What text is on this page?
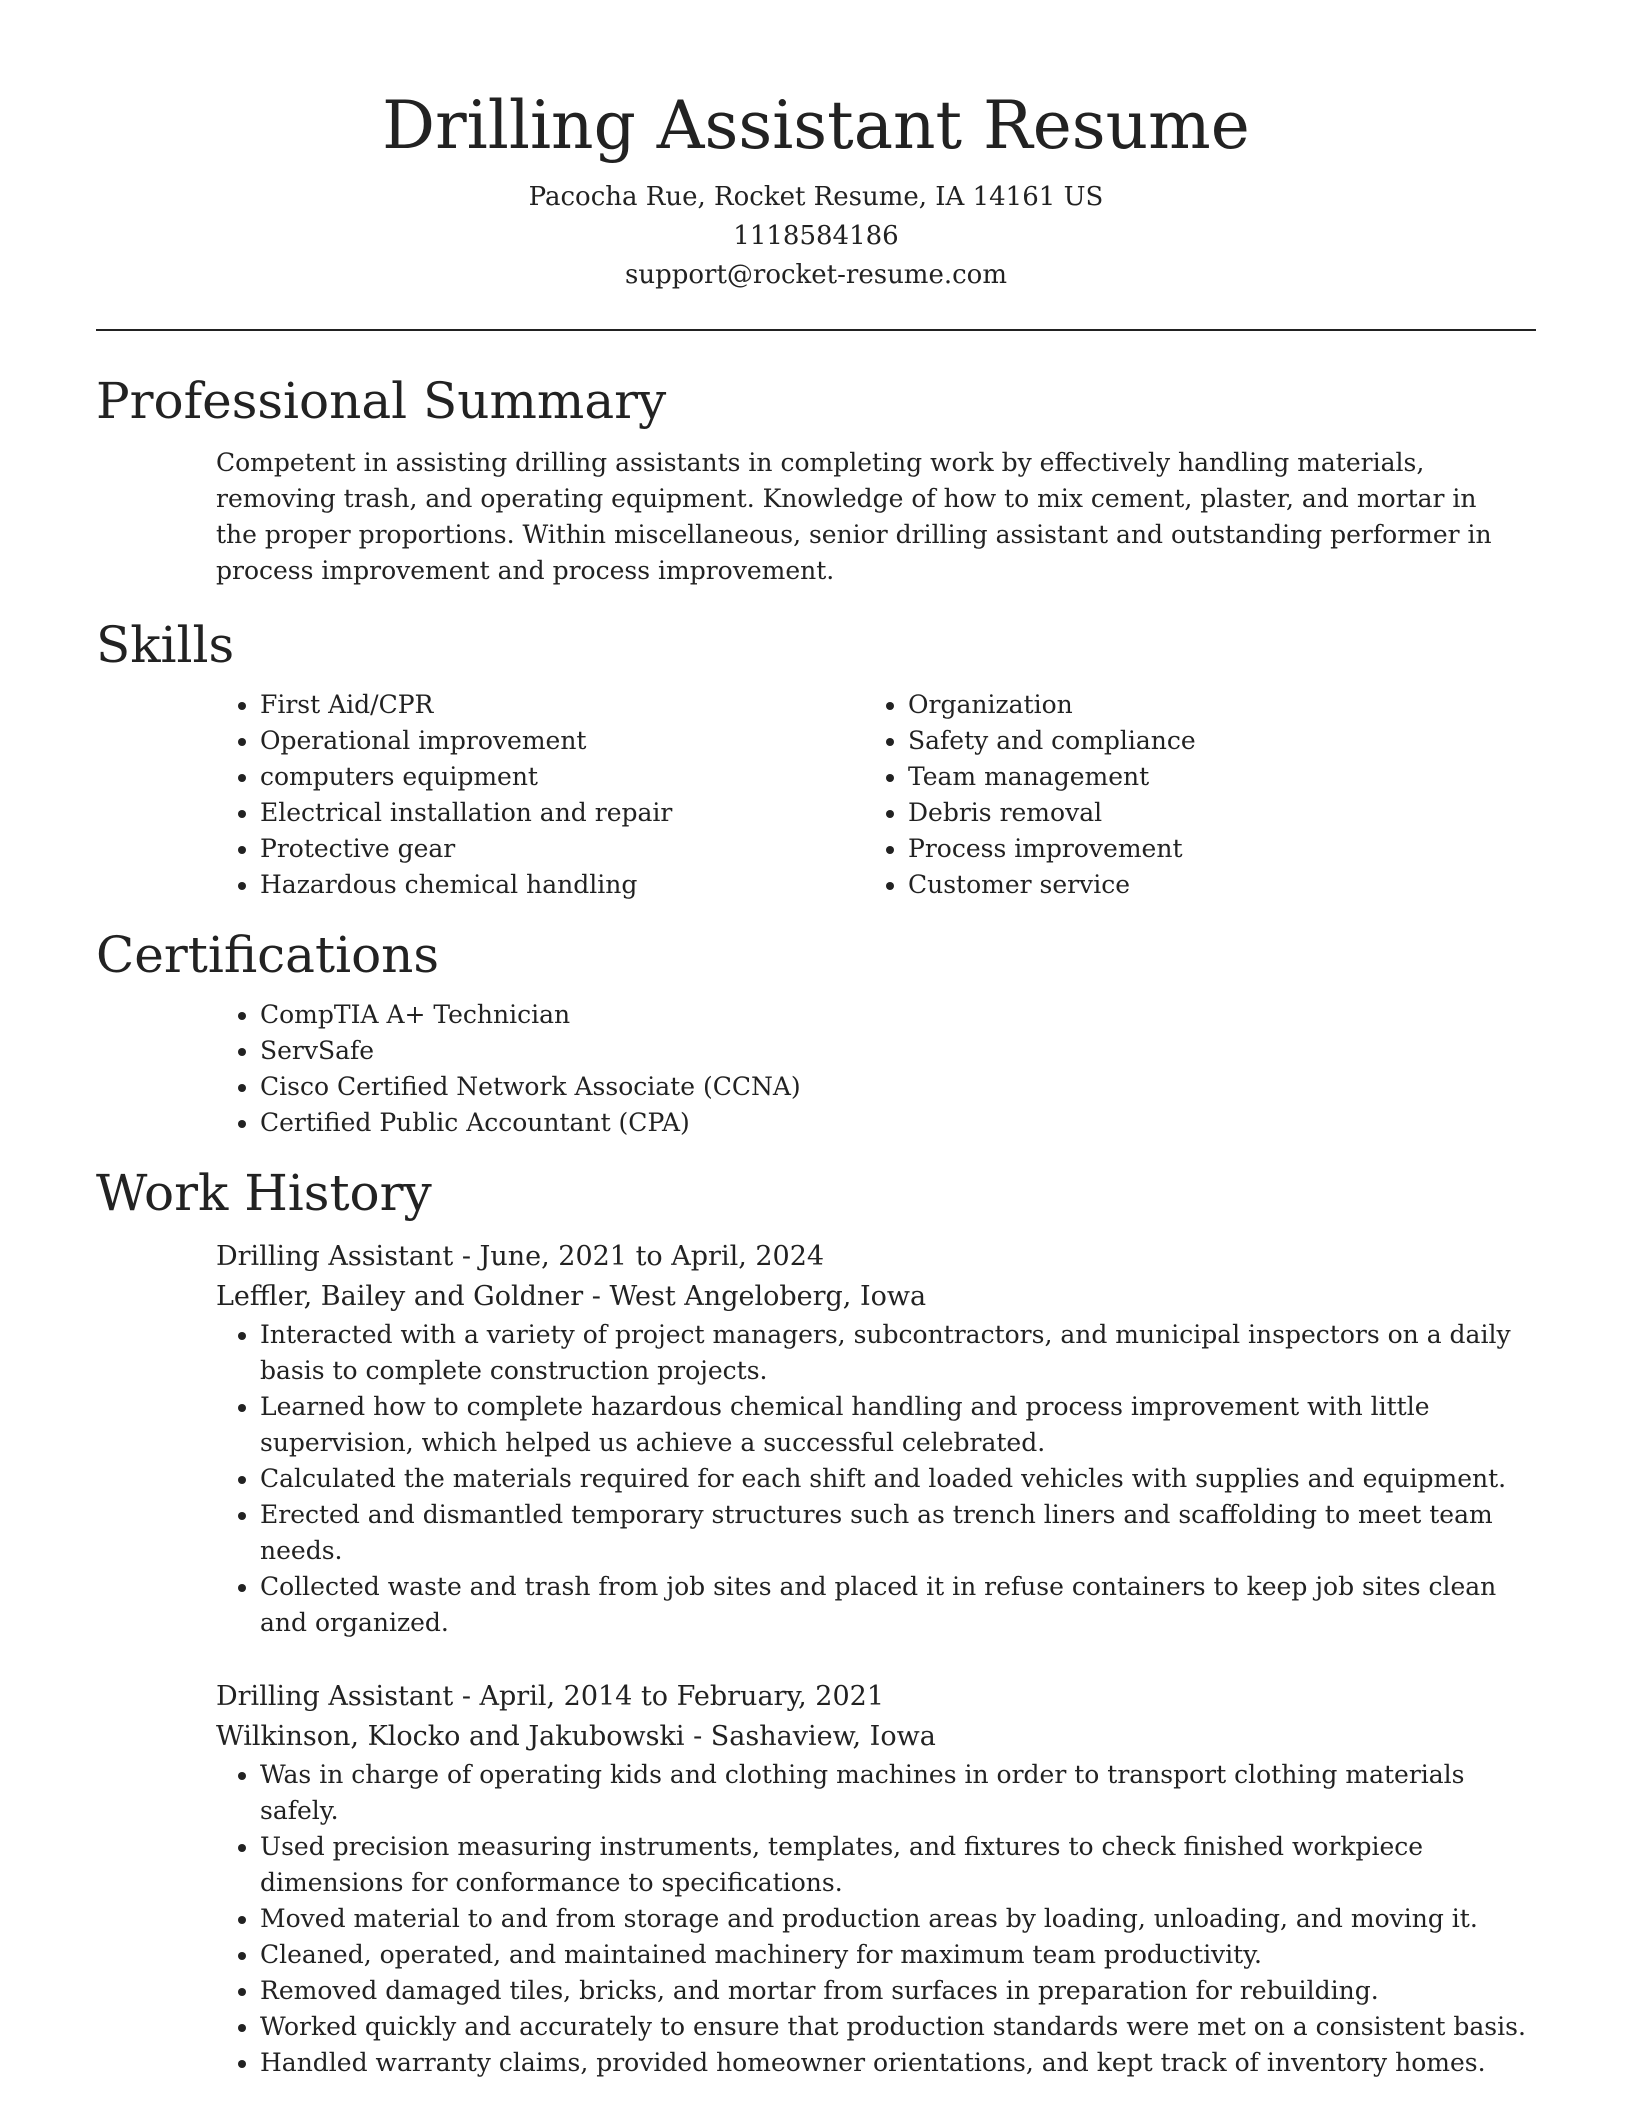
Drilling Assistant Resume

Pacocha Rue, Rocket Resume, IA 14161 US

1118584186

support@rocket-resume.com

Professional Summary

Competent in assisting drilling assistants in completing work by effectively handling materials, removing trash, and operating equipment. Knowledge of how to mix cement, plaster, and mortar in the proper proportions. Within miscellaneous, senior drilling assistant and outstanding performer in process improvement and process improvement.

Skills
• First Aid/CPR
• Operational improvement
• computers equipment
• Electrical installation and repair
• Protective gear
• Hazardous chemical handling
• Organization
• Safety and compliance
• Team management
• Debris removal
• Process improvement
• Customer service
Certifications
• CompTIA A+ Technician
• ServSafe
• Cisco Certified Network Associate (CCNA)
• Certified Public Accountant (CPA)
Work History

Drilling Assistant - June, 2021 to April, 2024

Leffler, Bailey and Goldner - West Angeloberg, Iowa

• Interacted with a variety of project managers, subcontractors, and municipal inspectors on a daily basis to complete construction projects.
• Learned how to complete hazardous chemical handling and process improvement with little supervision, which helped us achieve a successful celebrated.
• Calculated the materials required for each shift and loaded vehicles with supplies and equipment.
• Erected and dismantled temporary structures such as trench liners and scaffolding to meet team needs.
• Collected waste and trash from job sites and placed it in refuse containers to keep job sites clean and organized.

Drilling Assistant - April, 2014 to February, 2021

Wilkinson, Klocko and Jakubowski - Sashaview, Iowa

• Was in charge of operating kids and clothing machines in order to transport clothing materials safely.
• Used precision measuring instruments, templates, and fixtures to check finished workpiece dimensions for conformance to specifications.
• Moved material to and from storage and production areas by loading, unloading, and moving it.
• Cleaned, operated, and maintained machinery for maximum team productivity.
• Removed damaged tiles, bricks, and mortar from surfaces in preparation for rebuilding.
• Worked quickly and accurately to ensure that production standards were met on a consistent basis.
• Handled warranty claims, provided homeowner orientations, and kept track of inventory homes.
